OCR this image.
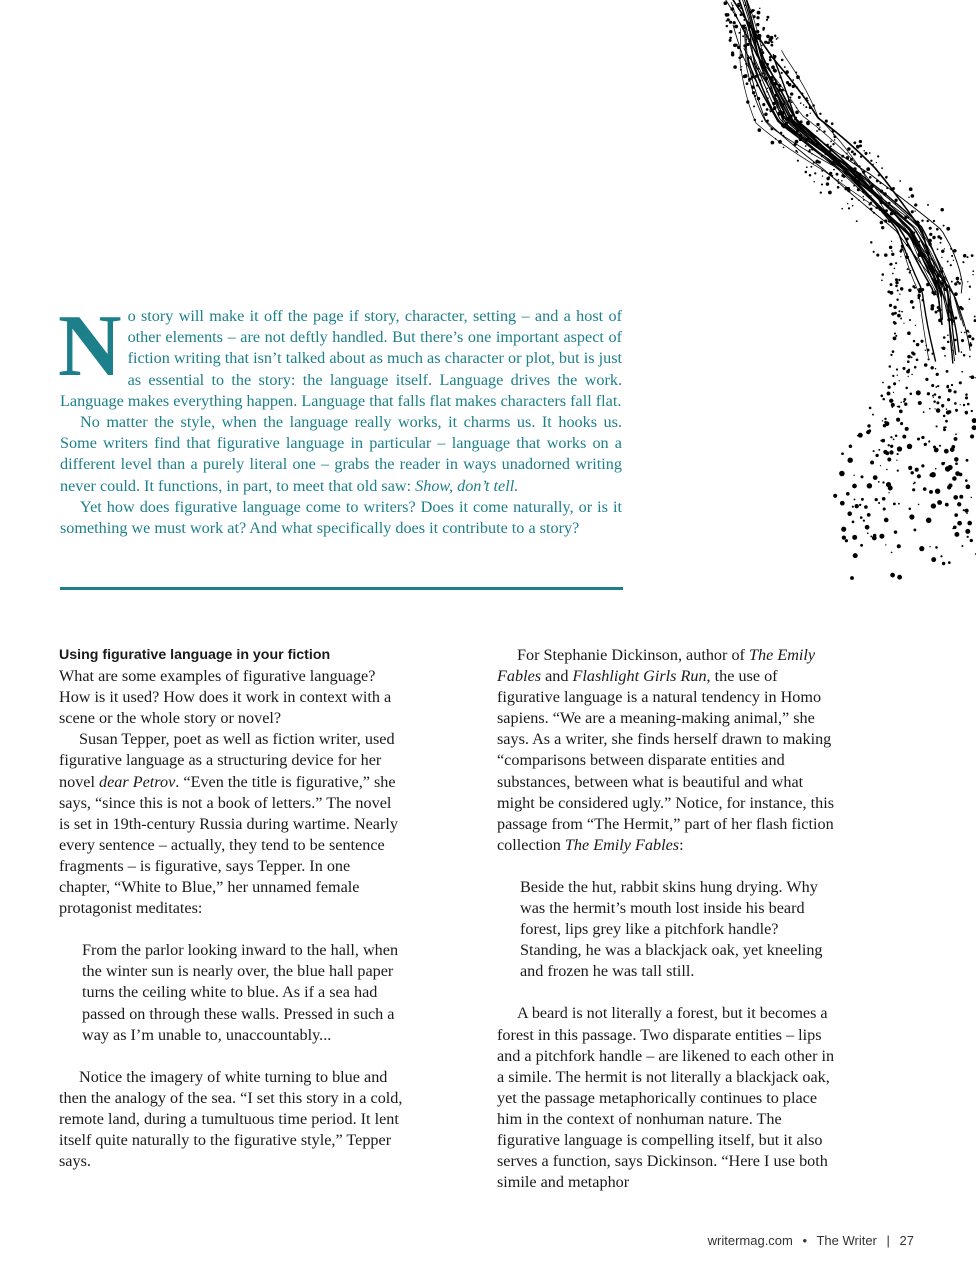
No story will make it off the page if story, character, setting – and a host of other elements – are not deftly handled. But there’s one important aspect of fiction writing that isn’t talked about as much as character or plot, but is just as essential to the story: the language itself. Language drives the work. Language makes everything happen. Language that falls flat makes characters fall flat.

No matter the style, when the language really works, it charms us. It hooks us. Some writers find that figurative language in particular – language that works on a different level than a purely literal one – grabs the reader in ways unadorned writing never could. It functions, in part, to meet that old saw: Show, don’t tell.

Yet how does figurative language come to writers? Does it come naturally, or is it something we must work at? And what specifically does it contribute to a story?

Using figurative language in your fiction

What are some examples of figurative language? How is it used? How does it work in context with a scene or the whole story or novel?

Susan Tepper, poet as well as fiction writer, used figurative language as a structuring device for her novel dear Petrov. “Even the title is figurative,” she says, “since this is not a book of letters.” The novel is set in 19th-century Russia during wartime. Nearly every sentence – actually, they tend to be sentence fragments – is figurative, says Tepper. In one chapter, “White to Blue,” her unnamed female protagonist meditates:

From the parlor looking inward to the hall, when the winter sun is nearly over, the blue hall paper turns the ceiling white to blue. As if a sea had passed on through these walls. Pressed in such a way as I’m unable to, unaccountably...

Notice the imagery of white turning to blue and then the analogy of the sea. “I set this story in a cold, remote land, during a tumultuous time period. It lent itself quite naturally to the figurative style,” Tepper says.

For Stephanie Dickinson, author of The Emily Fables and Flashlight Girls Run, the use of figurative language is a natural tendency in Homo sapiens. “We are a meaning-making animal,” she says. As a writer, she finds herself drawn to making “comparisons between disparate entities and substances, between what is beautiful and what might be considered ugly.” Notice, for instance, this passage from “The Hermit,” part of her flash fiction collection The Emily Fables:

Beside the hut, rabbit skins hung drying. Why was the hermit’s mouth lost inside his beard forest, lips grey like a pitchfork handle? Standing, he was a blackjack oak, yet kneeling and frozen he was tall still.

A beard is not literally a forest, but it becomes a forest in this passage. Two disparate entities – lips and a pitchfork handle – are likened to each other in a simile. The hermit is not literally a blackjack oak, yet the passage metaphorically continues to place him in the context of nonhuman nature. The figurative language is compelling itself, but it also serves a function, says Dickinson. “Here I use both simile and metaphor

writermag.com • The Writer | 27
